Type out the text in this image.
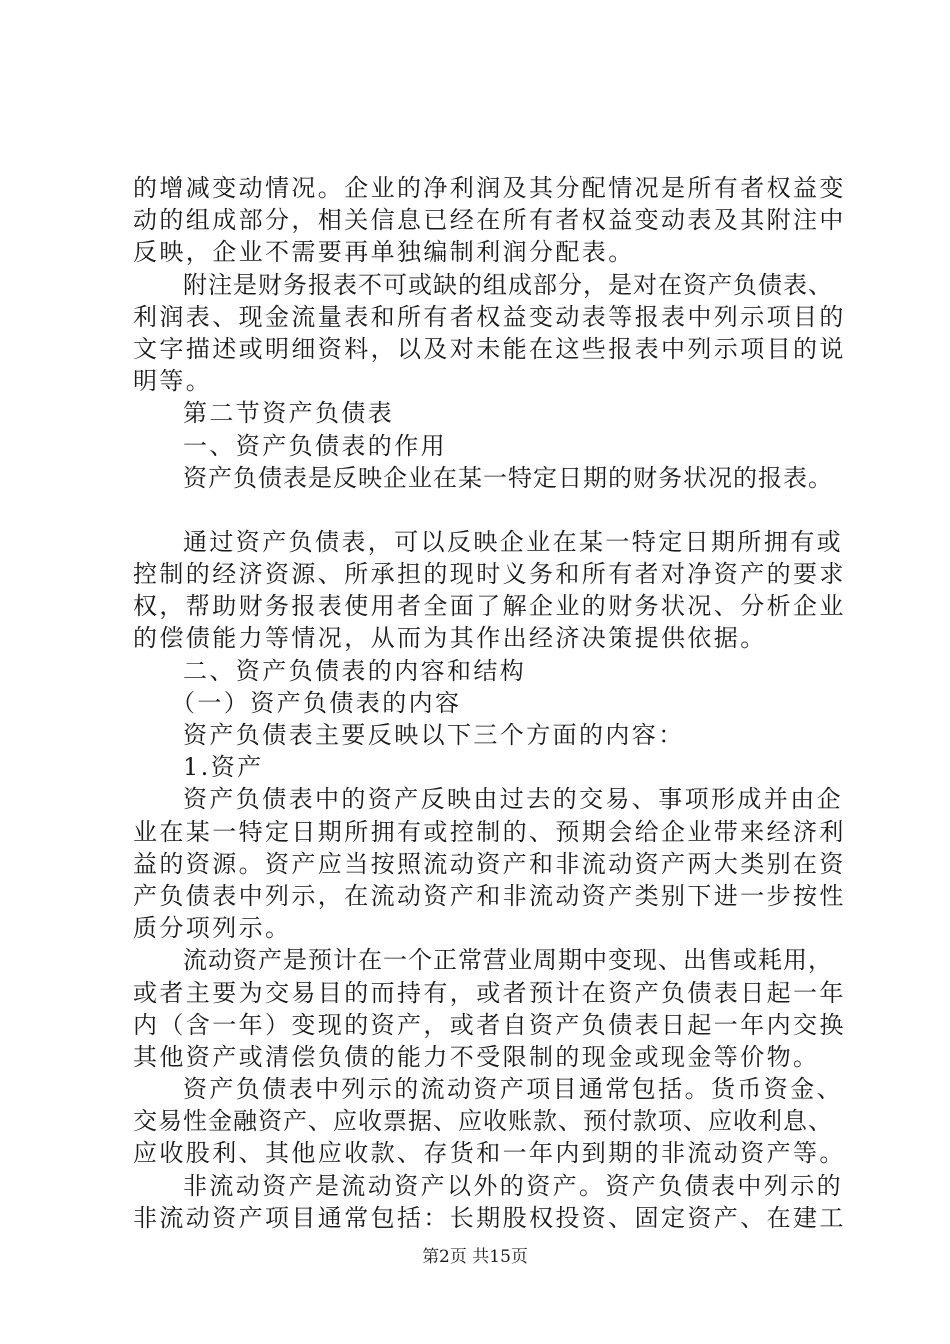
的增减变动情况。企业的净利润及其分配情况是所有者权益变
动的组成部分，相关信息已经在所有者权益变动表及其附注中
反映，企业不需要再单独编制利润分配表。
附注是财务报表不可或缺的组成部分，是对在资产负债表、
利润表、现金流量表和所有者权益变动表等报表中列示项目的
文字描述或明细资料，以及对未能在这些报表中列示项目的说
明等。
第二节资产负债表
一、资产负债表的作用
资产负债表是反映企业在某一特定日期的财务状况的报表。
通过资产负债表，可以反映企业在某一特定日期所拥有或
控制的经济资源、所承担的现时义务和所有者对净资产的要求
权，帮助财务报表使用者全面了解企业的财务状况、分析企业
的偿债能力等情况，从而为其作出经济决策提供依据。
二、资产负债表的内容和结构
（一）资产负债表的内容
资产负债表主要反映以下三个方面的内容：
1.资产
资产负债表中的资产反映由过去的交易、事项形成并由企
业在某一特定日期所拥有或控制的、预期会给企业带来经济利
益的资源。资产应当按照流动资产和非流动资产两大类别在资
产负债表中列示，在流动资产和非流动资产类别下进一步按性
质分项列示。
流动资产是预计在一个正常营业周期中变现、出售或耗用，
或者主要为交易目的而持有，或者预计在资产负债表日起一年
内（含一年）变现的资产，或者自资产负债表日起一年内交换
其他资产或清偿负债的能力不受限制的现金或现金等价物。
资产负债表中列示的流动资产项目通常包括。货币资金、
交易性金融资产、应收票据、应收账款、预付款项、应收利息、
应收股利、其他应收款、存货和一年内到期的非流动资产等。
非流动资产是流动资产以外的资产。资产负债表中列示的
非流动资产项目通常包括：长期股权投资、固定资产、在建工
第2页 共15页
